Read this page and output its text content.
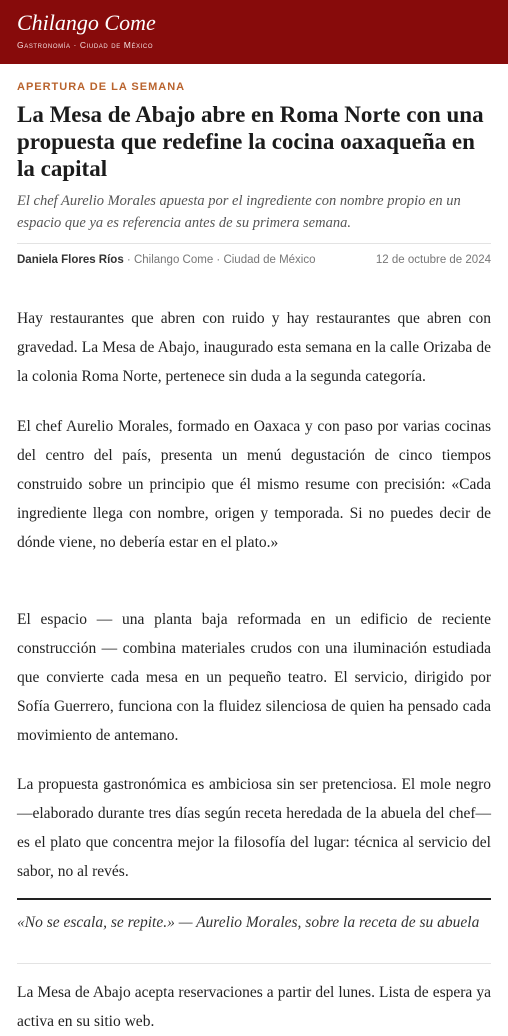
Chilango Come
Gastronomía · Ciudad de México
APERTURA DE LA SEMANA
La Mesa de Abajo abre en Roma Norte con una propuesta que redefine la cocina oaxaqueña en la capital
El chef Aurelio Morales apuesta por el ingrediente con nombre propio en un espacio que ya es referencia antes de su primera semana.
Daniela Flores Ríos · Chilango Come · Ciudad de México	12 de octubre de 2024

Hay restaurantes que abren con ruido y hay restaurantes que abren con gravedad. La Mesa de Abajo, inaugurado esta semana en la calle Orizaba de la colonia Roma Norte, pertenece sin duda a la segunda categoría.

El chef Aurelio Morales, formado en Oaxaca y con paso por varias cocinas del centro del país, presenta un menú degustación de cinco tiempos construido sobre un principio que él mismo resume con precisión: «Cada ingrediente llega con nombre, origen y temporada. Si no puedes decir de dónde viene, no debería estar en el plato.»

El espacio — una planta baja reformada en un edificio de reciente construcción — combina materiales crudos con una iluminación estudiada que convierte cada mesa en un pequeño teatro. El servicio, dirigido por Sofía Guerrero, funciona con la fluidez silenciosa de quien ha pensado cada movimiento de antemano.

La propuesta gastronómica es ambiciosa sin ser pretenciosa. El mole negro —elaborado durante tres días según receta heredada de la abuela del chef— es el plato que concentra mejor la filosofía del lugar: técnica al servicio del sabor, no al revés.

«No se escala, se repite.» — Aurelio Morales, sobre la receta de su abuela

La Mesa de Abajo acepta reservaciones a partir del lunes. Lista de espera ya activa en su sitio web.
